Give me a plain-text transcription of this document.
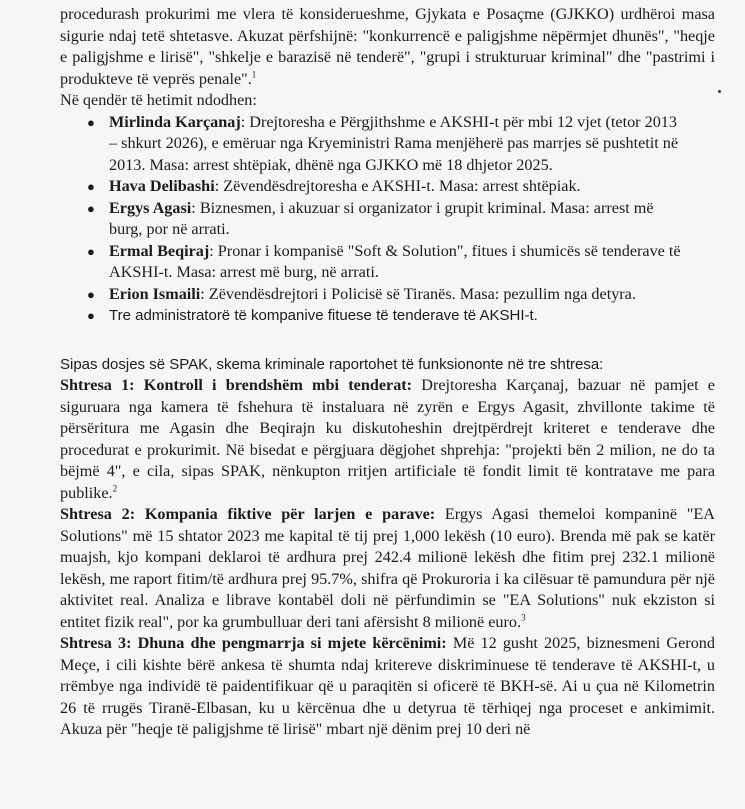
procedurash prokurimi me vlera të konsiderueshme, Gjykata e Posaçme (GJKKO) urdhëroi masa sigurie ndaj tetë shtetasve. Akuzat përfshijnë: "konkurrencë e paligjshme nëpërmjet dhunës", "heqje e paligjshme e lirisë", "shkelje e barazisë në tenderë", "grupi i strukturuar kriminal" dhe "pastrimi i produkteve të veprës penale".$^1$

Në qendër të hetimit ndodhen:

● Mirlinda Karçanaj: Drejtoresha e Përgjithshme e AKSHI-t për mbi 12 vjet (tetor 2013 – shkurt 2026), e emëruar nga Kryeministri Rama menjëherë pas marrjes së pushtetit në 2013. Masa: arrest shtëpiak, dhënë nga GJKKO më 18 dhjetor 2025.
● Hava Delibashi: Zëvendësdrejtoresha e AKSHI-t. Masa: arrest shtëpiak.
● Ergys Agasi: Biznesmen, i akuzuar si organizator i grupit kriminal. Masa: arrest më burg, por në arrati.
● Ermal Beqiraj: Pronar i kompanisë "Soft & Solution", fitues i shumicës së tenderave të AKSHI-t. Masa: arrest më burg, në arrati.
● Erion Ismaili: Zëvendësdrejtori i Policisë së Tiranës. Masa: pezullim nga detyra.
● Tre administratorë të kompanive fituese të tenderave të AKSHI-t.

Sipas dosjes së SPAK, skema kriminale raportohet të funksiononte në tre shtresa:

Shtresa 1: Kontroll i brendshëm mbi tenderat: Drejtoresha Karçanaj, bazuar në pamjet e siguruara nga kamera të fshehura të instaluara në zyrën e Ergys Agasit, zhvillonte takime të përsëritura me Agasin dhe Beqirajn ku diskutoheshin drejtpërdrejt kriteret e tenderave dhe procedurat e prokurimit. Në bisedat e përgjuara dëgjohet shprehja: "projekti bën 2 milion, ne do ta bëjmë 4", e cila, sipas SPAK, nënkupton rritjen artificiale të fondit limit të kontratave me para publike.$^2$

Shtresa 2: Kompania fiktive për larjen e parave: Ergys Agasi themeloi kompaninë "EA Solutions" më 15 shtator 2023 me kapital të tij prej 1,000 lekësh (10 euro). Brenda më pak se katër muajsh, kjo kompani deklaroi të ardhura prej 242.4 milionë lekësh dhe fitim prej 232.1 milionë lekësh, me raport fitim/të ardhura prej 95.7%, shifra që Prokuroria i ka cilësuar të pamundura për një aktivitet real. Analiza e librave kontabël doli në përfundimin se "EA Solutions" nuk ekziston si entitet fizik real", por ka grumbulluar deri tani afërsisht 8 milionë euro.$^3$

Shtresa 3: Dhuna dhe pengmarrja si mjete kërcënimi: Më 12 gusht 2025, biznesmeni Gerond Meçe, i cili kishte bërë ankesa të shumta ndaj kritereve diskriminuese të tenderave të AKSHI-t, u rrëmbye nga individë të paidentifikuar që u paraqitën si oficerë të BKH-së. Ai u çua në Kilometrin 26 të rrugës Tiranë-Elbasan, ku u kërcënua dhe u detyrua të tërhiqej nga proceset e ankimimit. Akuza për "heqje të paligjshme të lirisë" mbart një dënim prej 10 deri në
